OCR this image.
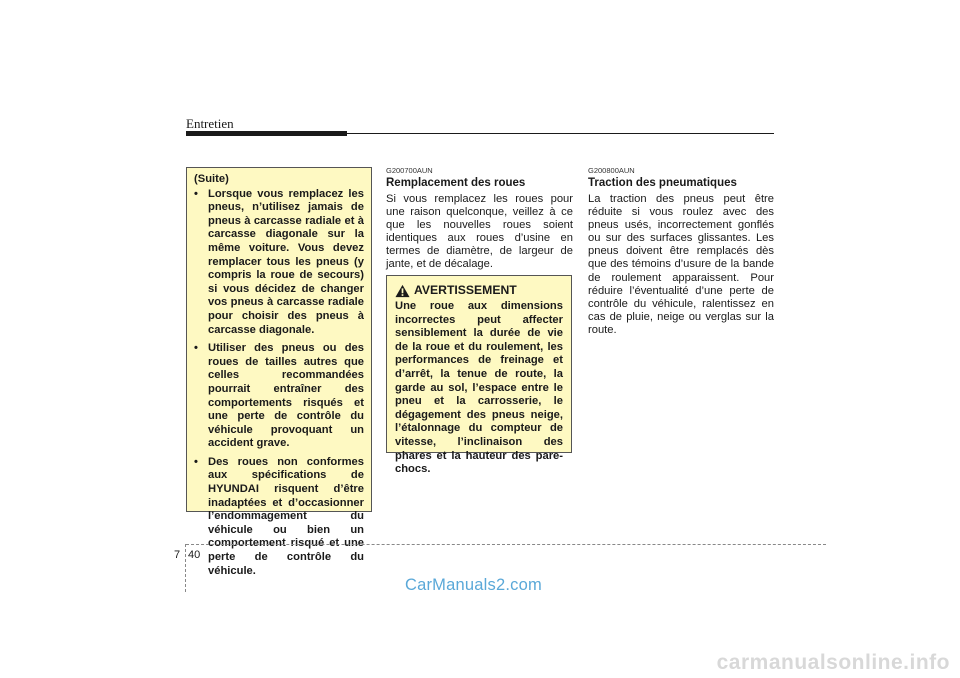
Entretien
(Suite)
• Lorsque vous remplacez les pneus, n’utilisez jamais de pneus à carcasse radiale et à carcasse diagonale sur la même voiture. Vous devez remplacer tous les pneus (y compris la roue de secours) si vous décidez de changer vos pneus à carcasse radiale pour choisir des pneus à carcasse diagonale.
• Utiliser des pneus ou des roues de tailles autres que celles recommandées pourrait entraîner des comportements risqués et une perte de contrôle du véhicule provoquant un accident grave.
• Des roues non conformes aux spécifications de HYUNDAI risquent d’être inadaptées et d’occasionner l’endommagement du véhicule ou bien un comportement risqué et une perte de contrôle du véhicule.
G200700AUN
Remplacement des roues
Si vous remplacez les roues pour une raison quelconque, veillez à ce que les nouvelles roues soient identiques aux roues d’usine en termes de diamètre, de largeur de jante, et de décalage.
AVERTISSEMENT
Une roue aux dimensions incorrectes peut affecter sensiblement la durée de vie de la roue et du roulement, les performances de freinage et d’arrêt, la tenue de route, la garde au sol, l’espace entre le pneu et la carrosserie, le dégagement des pneus neige, l’étalonnage du compteur de vitesse, l’inclinaison des phares et la hauteur des pare-chocs.
G200800AUN
Traction des pneumatiques
La traction des pneus peut être réduite si vous roulez avec des pneus usés, incorrectement gonflés ou sur des surfaces glissantes. Les pneus doivent être remplacés dès que des témoins d’usure de la bande de roulement apparaissent. Pour réduire l’éventualité d’une perte de contrôle du véhicule, ralentissez en cas de pluie, neige ou verglas sur la route.
7 40
CarManuals2.com
carmanualsonline.info
